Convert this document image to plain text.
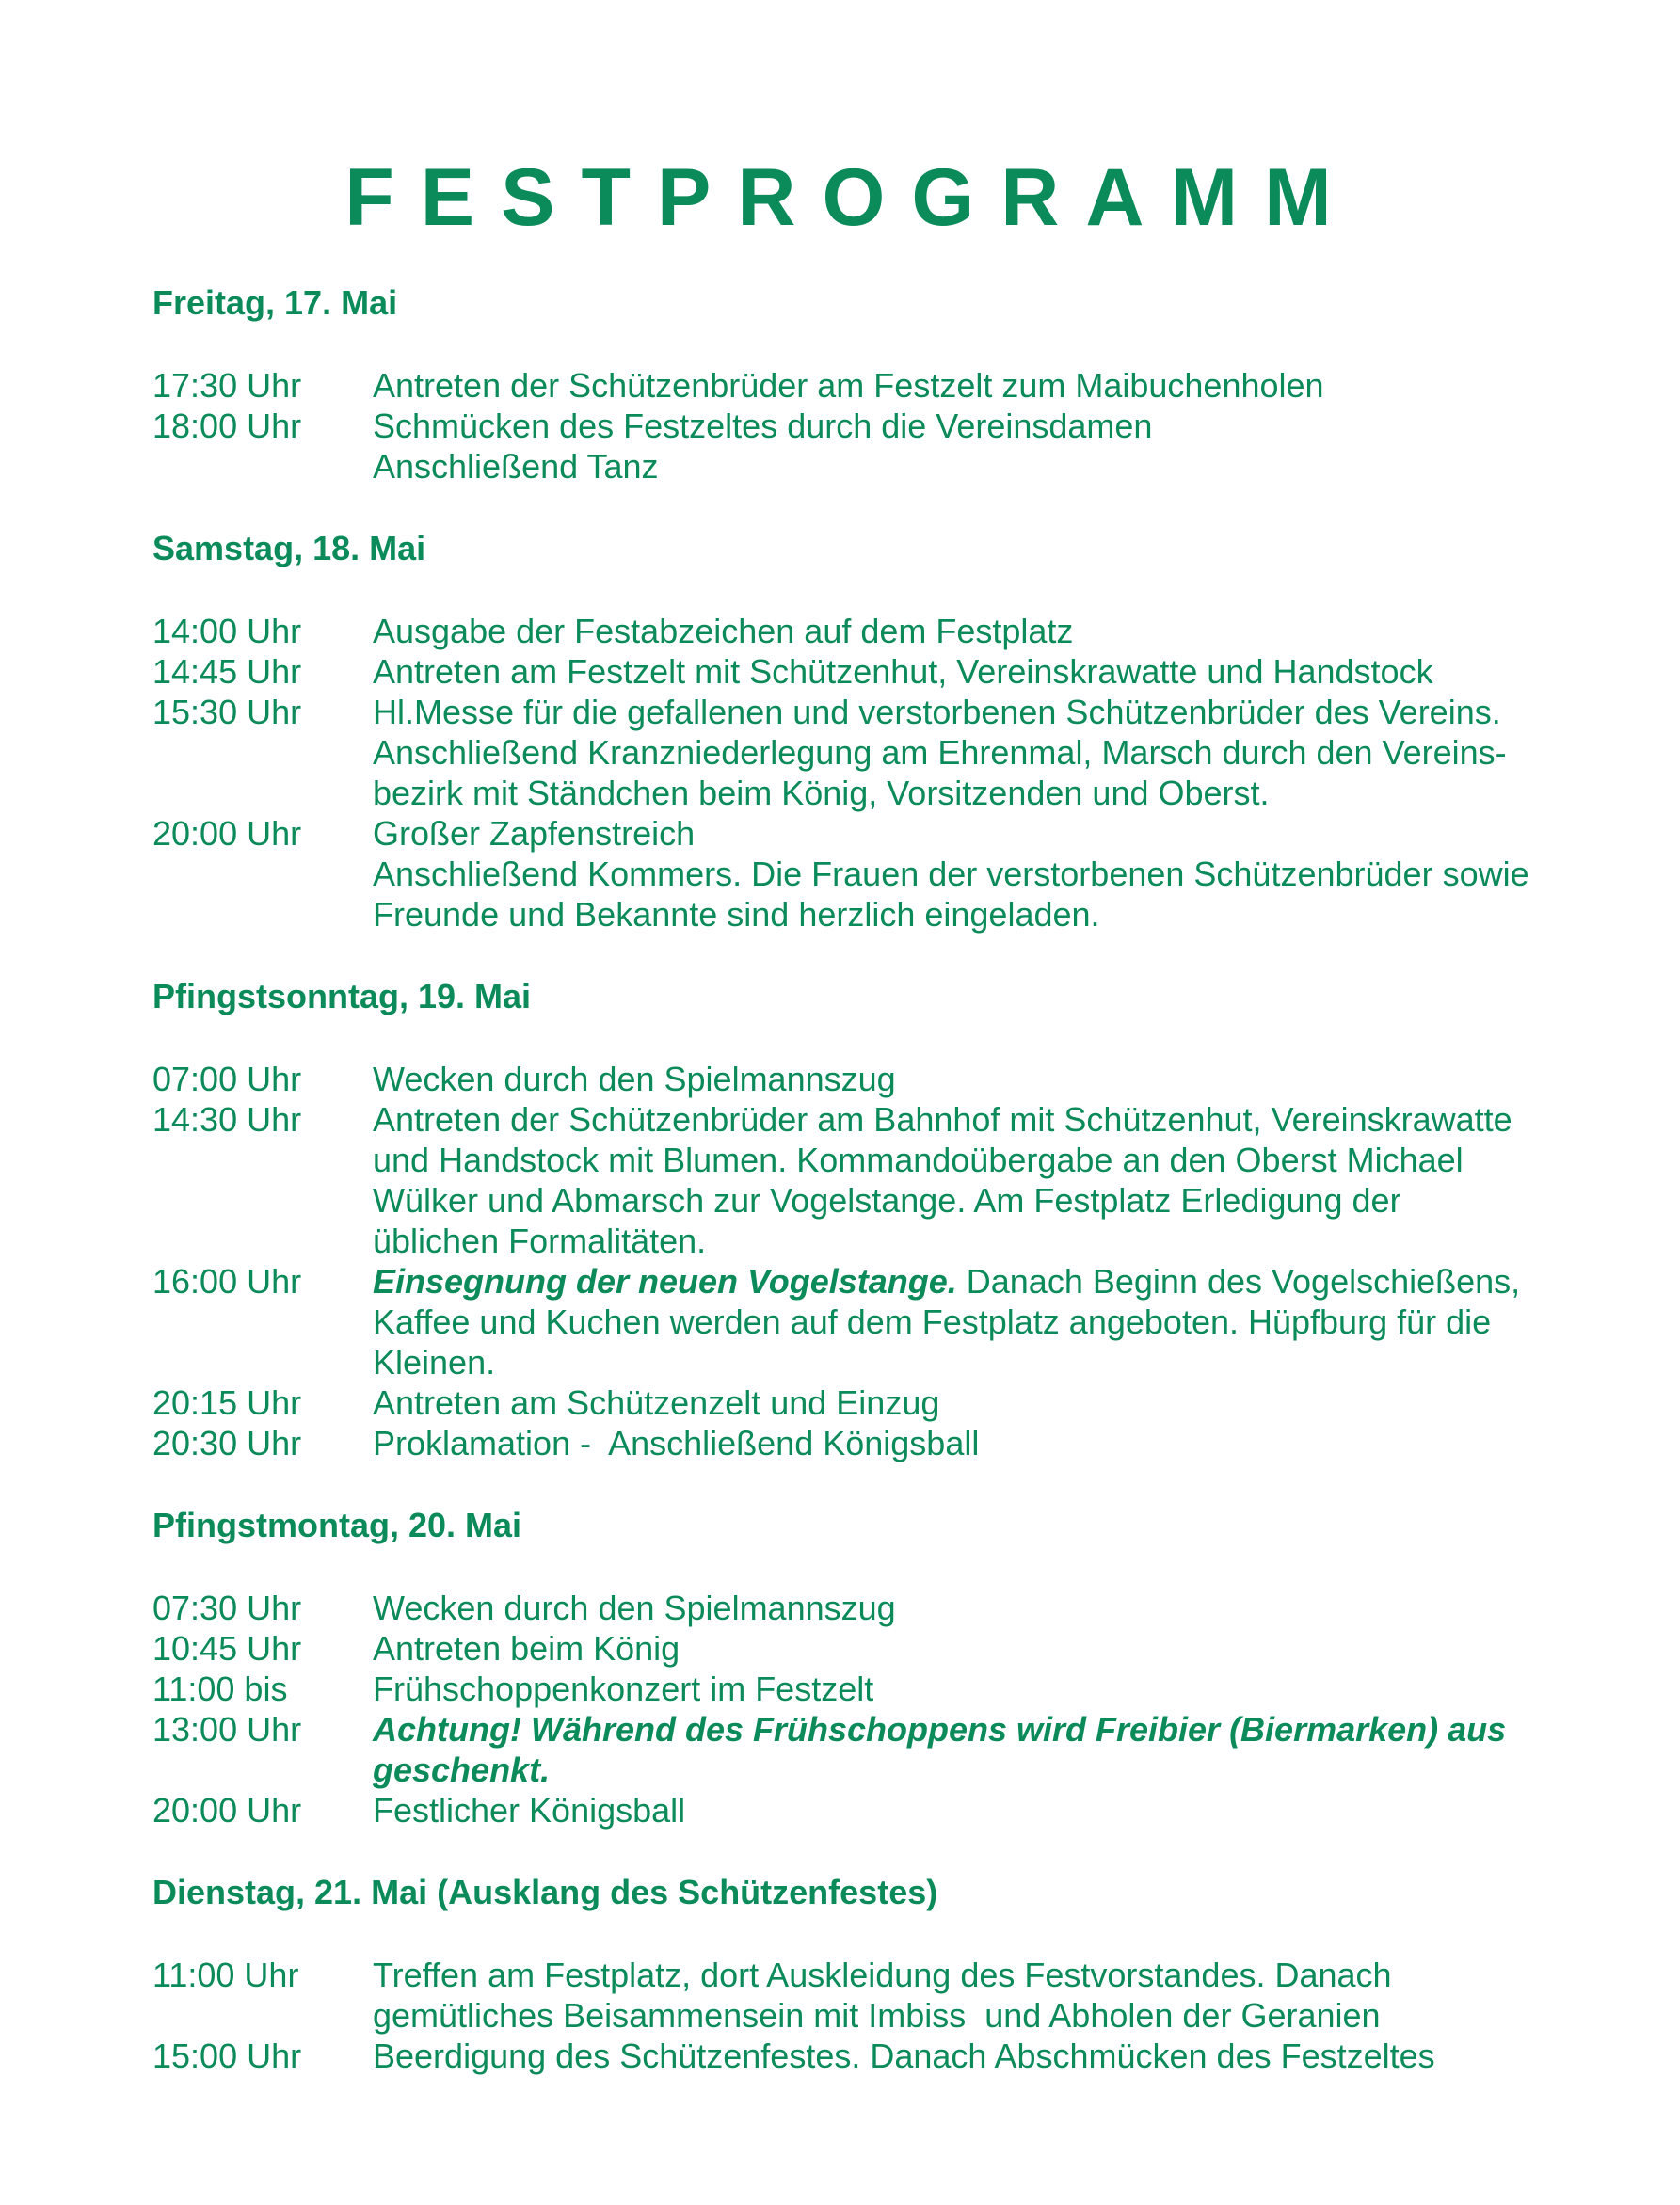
FESTPROGRAMM
Freitag, 17. Mai
17:30 Uhr	Antreten der Schützenbrüder am Festzelt zum Maibuchenholen
18:00 Uhr	Schmücken des Festzeltes durch die Vereinsdamen
Anschließend Tanz
Samstag, 18. Mai
14:00 Uhr	Ausgabe der Festabzeichen auf dem Festplatz
14:45 Uhr	Antreten am Festzelt mit Schützenhut, Vereinskrawatte und Handstock
15:30 Uhr	Hl.Messe für die gefallenen und verstorbenen Schützenbrüder des Vereins.
Anschließend Kranzniederlegung am Ehrenmal, Marsch durch den Vereins-
bezirk mit Ständchen beim König, Vorsitzenden und Oberst.
20:00 Uhr	Großer Zapfenstreich
Anschließend Kommers. Die Frauen der verstorbenen Schützenbrüder sowie
Freunde und Bekannte sind herzlich eingeladen.
Pfingstsonntag, 19. Mai
07:00 Uhr	Wecken durch den Spielmannszug
14:30 Uhr	Antreten der Schützenbrüder am Bahnhof mit Schützenhut, Vereinskrawatte
und Handstock mit Blumen. Kommandoübergabe an den Oberst Michael
Wülker und Abmarsch zur Vogelstange. Am Festplatz Erledigung der
üblichen Formalitäten.
16:00 Uhr	Einsegnung der neuen Vogelstange. Danach Beginn des Vogelschießens,
Kaffee und Kuchen werden auf dem Festplatz angeboten. Hüpfburg für die
Kleinen.
20:15 Uhr	Antreten am Schützenzelt und Einzug
20:30 Uhr	Proklamation -  Anschließend Königsball
Pfingstmontag, 20. Mai
07:30 Uhr	Wecken durch den Spielmannszug
10:45 Uhr	Antreten beim König
11:00 bis	Frühschoppenkonzert im Festzelt
13:00 Uhr	Achtung! Während des Frühschoppens wird Freibier (Biermarken) aus
geschenkt.
20:00 Uhr	Festlicher Königsball
Dienstag, 21. Mai (Ausklang des Schützenfestes)
11:00 Uhr	Treffen am Festplatz, dort Auskleidung des Festvorstandes. Danach
gemütliches Beisammensein mit Imbiss  und Abholen der Geranien
15:00 Uhr	Beerdigung des Schützenfestes. Danach Abschmücken des Festzeltes
